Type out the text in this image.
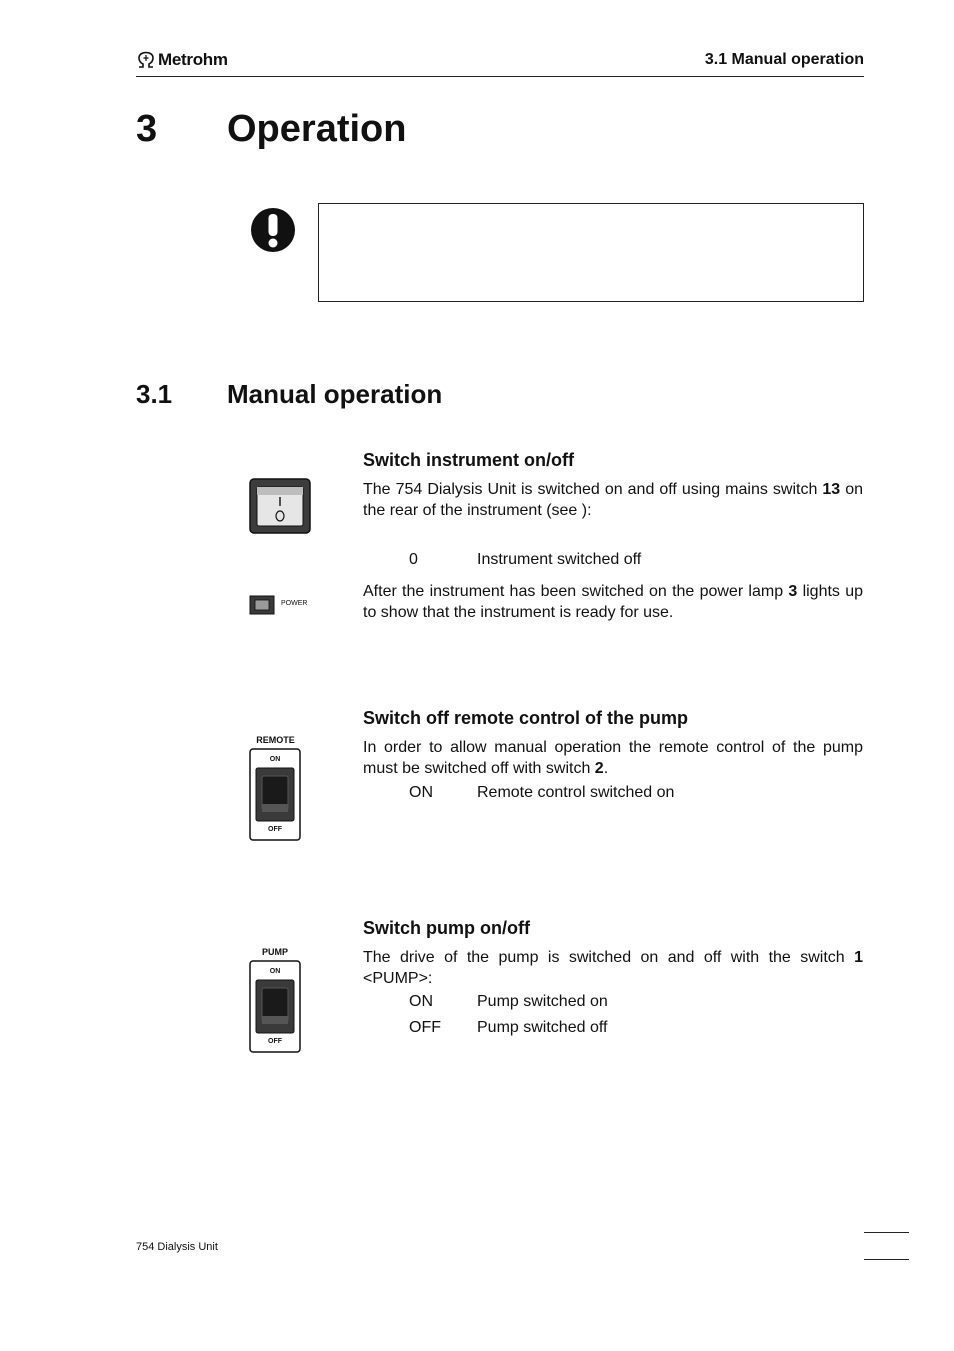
Metrohm	3.1 Manual operation
3 Operation
3.1 Manual operation
Switch instrument on/off
The 754 Dialysis Unit is switched on and off using mains switch 13 on the rear of the instrument (see ):
0	Instrument switched off
POWER
After the instrument has been switched on the power lamp 3 lights up to show that the instrument is ready for use.
REMOTE
ON
OFF
Switch off remote control of the pump
In order to allow manual operation the remote control of the pump must be switched off with switch 2.
ON	Remote control switched on
PUMP
ON
OFF
Switch pump on/off
The drive of the pump is switched on and off with the switch 1 <PUMP>:
ON	Pump switched on
OFF Pump switched off
754 Dialysis Unit
